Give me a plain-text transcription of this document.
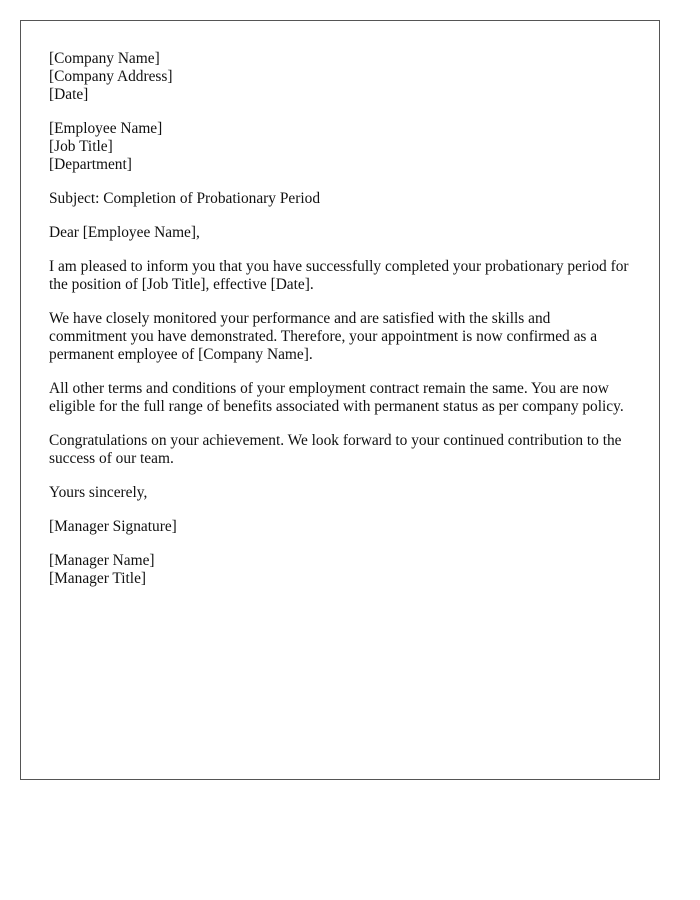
[Company Name]
[Company Address]
[Date]
[Employee Name]
[Job Title]
[Department]

Subject: Completion of Probationary Period

Dear [Employee Name],

I am pleased to inform you that you have successfully completed your probationary period for the position of [Job Title], effective [Date].

We have closely monitored your performance and are satisfied with the skills and commitment you have demonstrated. Therefore, your appointment is now confirmed as a permanent employee of [Company Name].

All other terms and conditions of your employment contract remain the same. You are now eligible for the full range of benefits associated with permanent status as per company policy.

Congratulations on your achievement. We look forward to your continued contribution to the success of our team.

Yours sincerely,

[Manager Signature]

[Manager Name]
[Manager Title]
